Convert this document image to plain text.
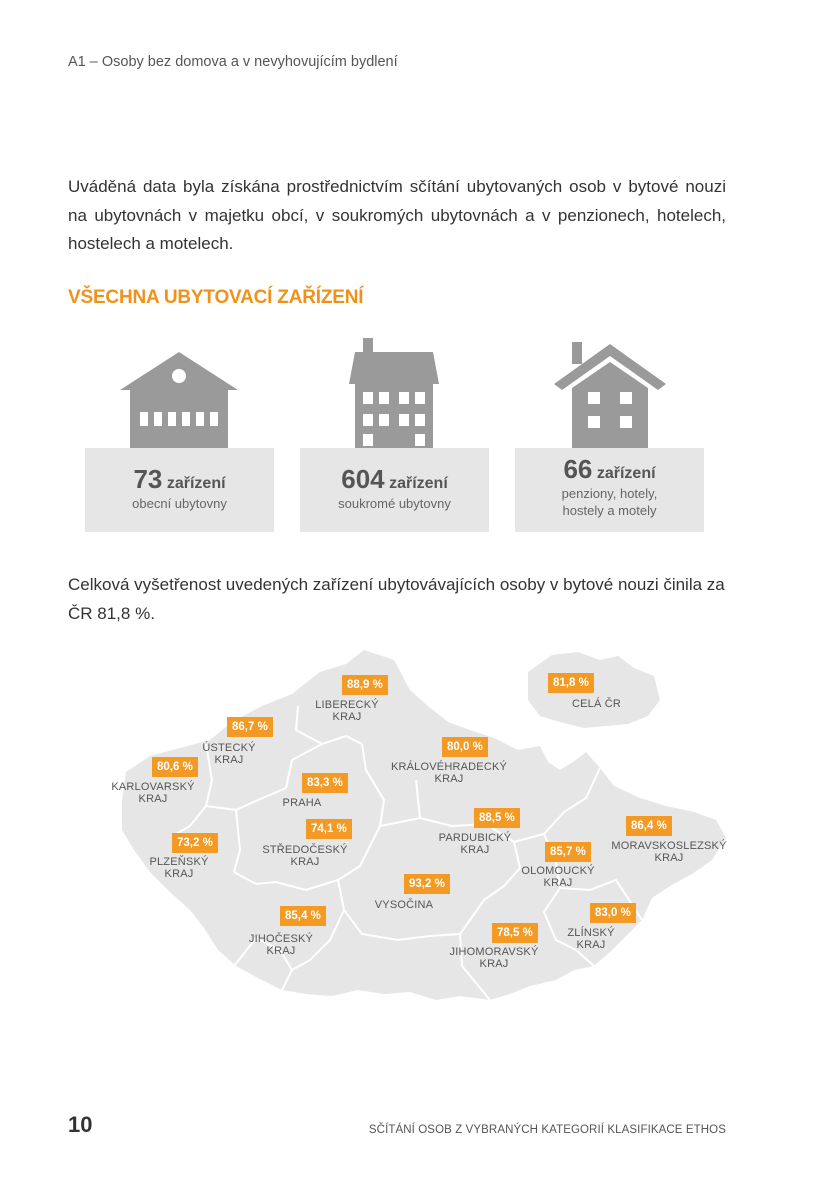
A1 – Osoby bez domova a v nevyhovujícím bydlení
Uváděná data byla získána prostřednictvím sčítání ubytovaných osob v bytové nouzi na ubytovnách v majetku obcí, v soukromých ubytovnách a v penzionech, hotelech, hostelech a motelech.
VŠECHNA UBYTOVACÍ ZAŘÍZENÍ
73 zařízení
obecní ubytovny
604 zařízení
soukromé ubytovny
66 zařízení
penziony, hotely,
hostely a motely
Celková vyšetřenost uvedených zařízení ubytovávajících osoby v bytové nouzi činila za ČR 81,8 %.
81,8 %
CELÁ ČR
88,9 %
LIBERECKÝ
KRAJ
86,7 %
ÚSTECKÝ
KRAJ
80,6 %
KARLOVARSKÝ
KRAJ
83,3 %
PRAHA
80,0 %
KRÁLOVÉHRADECKÝ
KRAJ
73,2 %
PLZEŇSKÝ
KRAJ
74,1 %
STŘEDOČESKÝ
KRAJ
88,5 %
PARDUBICKÝ
KRAJ
86,4 %
MORAVSKOSLEZSKÝ
KRAJ
85,7 %
OLOMOUCKÝ
KRAJ
93,2 %
VYSOČINA
85,4 %
JIHOČESKÝ
KRAJ
83,0 %
ZLÍNSKÝ
KRAJ
78,5 %
JIHOMORAVSKÝ
KRAJ
10	SČÍTÁNÍ OSOB Z VYBRANÝCH KATEGORIÍ KLASIFIKACE ETHOS
